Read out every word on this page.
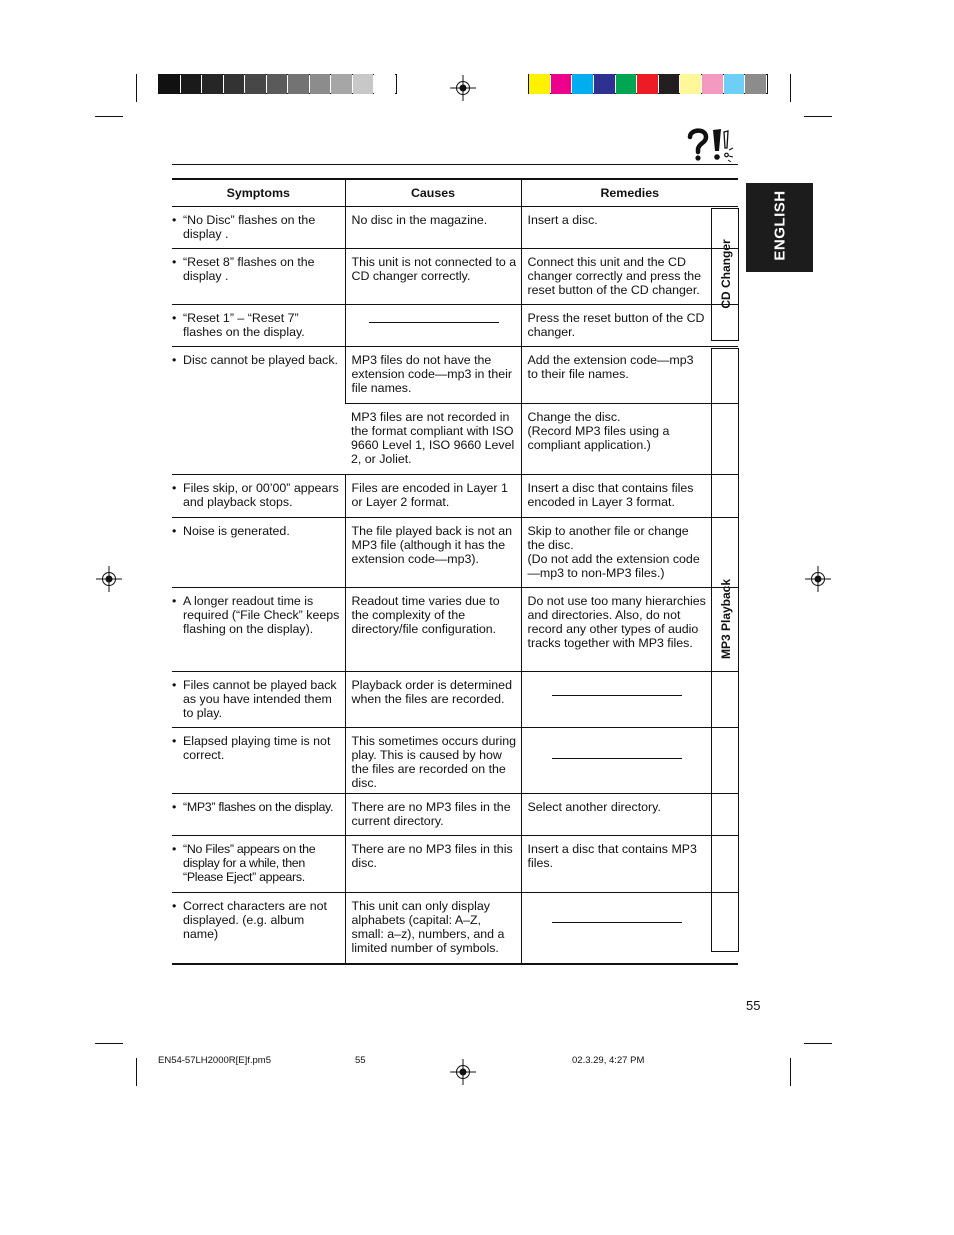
ENGLISH
CD Changer
MP3 Playback
Symptoms	Causes	Remedies

• “No Disc” flashes on the display .	No disc in the magazine.	Insert a disc.

• “Reset 8” flashes on the display .	This unit is not connected to a CD changer correctly.	Connect this unit and the CD changer correctly and press the reset button of the CD changer.

• “Reset 1” – “Reset 7” flashes on the display.		Press the reset button of the CD changer.

• Disc cannot be played back.	MP3 files do not have the extension code—mp3 in their file names.	Add the extension code—mp3 to their file names.

	MP3 files are not recorded in the format compliant with ISO 9660 Level 1, ISO 9660 Level 2, or Joliet.	Change the disc.
(Record MP3 files using a compliant application.)

• Files skip, or 00’00” appears and playback stops.	Files are encoded in Layer 1 or Layer 2 format.	Insert a disc that contains files encoded in Layer 3 format.

• Noise is generated.	The file played back is not an MP3 file (although it has the extension code—mp3).	Skip to another file or change the disc.
(Do not add the extension code—mp3 to non-MP3 files.)

• A longer readout time is required (“File Check” keeps flashing on the display).	Readout time varies due to the complexity of the directory/file configuration.	Do not use too many hierarchies and directories. Also, do not record any other types of audio tracks together with MP3 files.

• Files cannot be played back as you have intended them to play.	Playback order is determined when the files are recorded.	

• Elapsed playing time is not correct.	This sometimes occurs during play. This is caused by how the files are recorded on the disc.	

• “MP3” flashes on the display.	There are no MP3 files in the current directory.	Select another directory.

• “No Files” appears on the display for a while, then “Please Eject” appears.	There are no MP3 files in this disc.	Insert a disc that contains MP3 files.

• Correct characters are not displayed. (e.g. album name)	This unit can only display alphabets (capital: A–Z, small: a–z), numbers, and a limited number of symbols.	

55
EN54-57LH2000R[E]f.pm5	55	02.3.29, 4:27 PM
